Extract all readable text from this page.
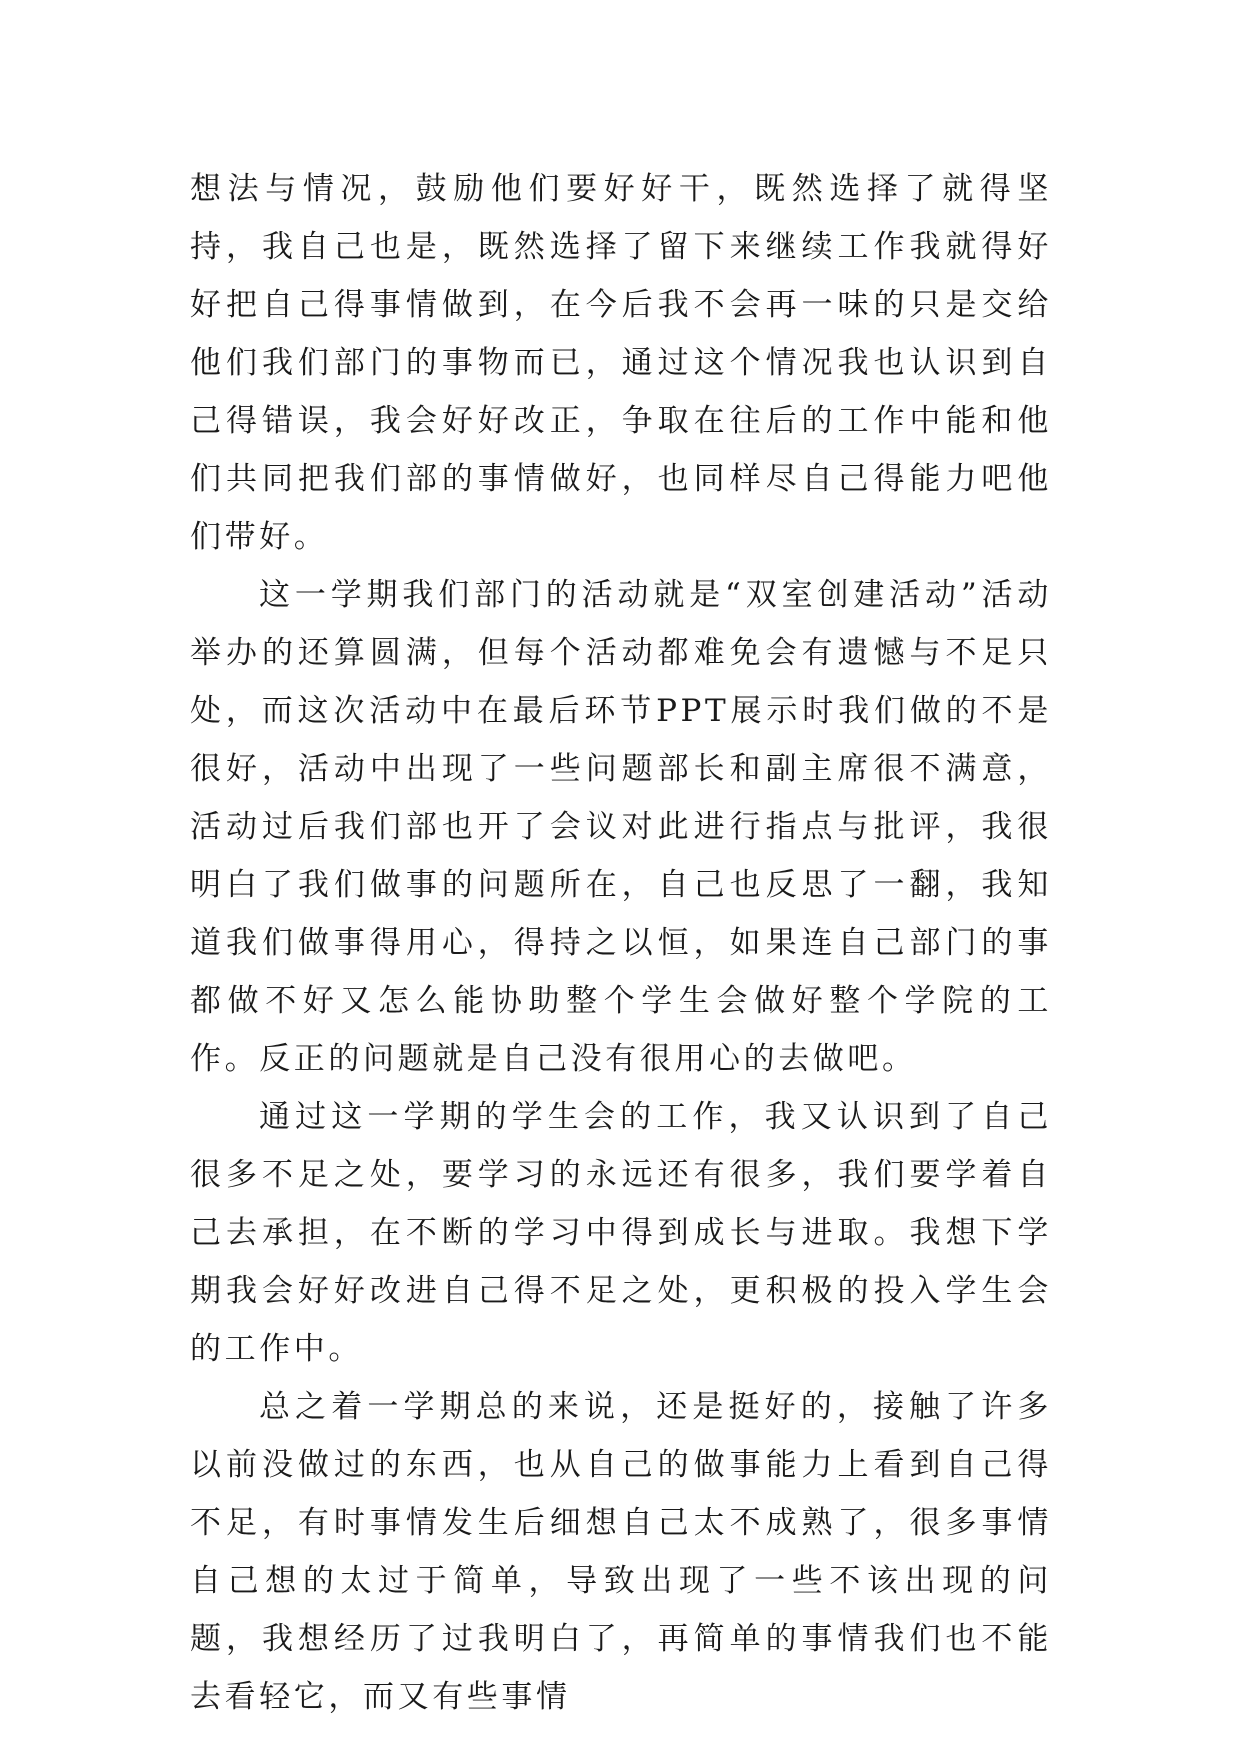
想法与情况，鼓励他们要好好干，既然选择了就得坚持，我自己也是，既然选择了留下来继续工作我就得好好把自己得事情做到，在今后我不会再一味的只是交给他们我们部门的事物而已，通过这个情况我也认识到自己得错误，我会好好改正，争取在往后的工作中能和他们共同把我们部的事情做好，也同样尽自己得能力吧他们带好。

这一学期我们部门的活动就是“双室创建活动”活动举办的还算圆满，但每个活动都难免会有遗憾与不足只处，而这次活动中在最后环节PPT展示时我们做的不是很好，活动中出现了一些问题部长和副主席很不满意，活动过后我们部也开了会议对此进行指点与批评，我很明白了我们做事的问题所在，自己也反思了一翻，我知道我们做事得用心，得持之以恒，如果连自己部门的事都做不好又怎么能协助整个学生会做好整个学院的工作。反正的问题就是自己没有很用心的去做吧。

通过这一学期的学生会的工作，我又认识到了自己很多不足之处，要学习的永远还有很多，我们要学着自己去承担，在不断的学习中得到成长与进取。我想下学期我会好好改进自己得不足之处，更积极的投入学生会的工作中。

总之着一学期总的来说，还是挺好的，接触了许多以前没做过的东西，也从自己的做事能力上看到自己得不足，有时事情发生后细想自己太不成熟了，很多事情自己想的太过于简单，导致出现了一些不该出现的问题，我想经历了过我明白了，再简单的事情我们也不能去看轻它，而又有些事情
